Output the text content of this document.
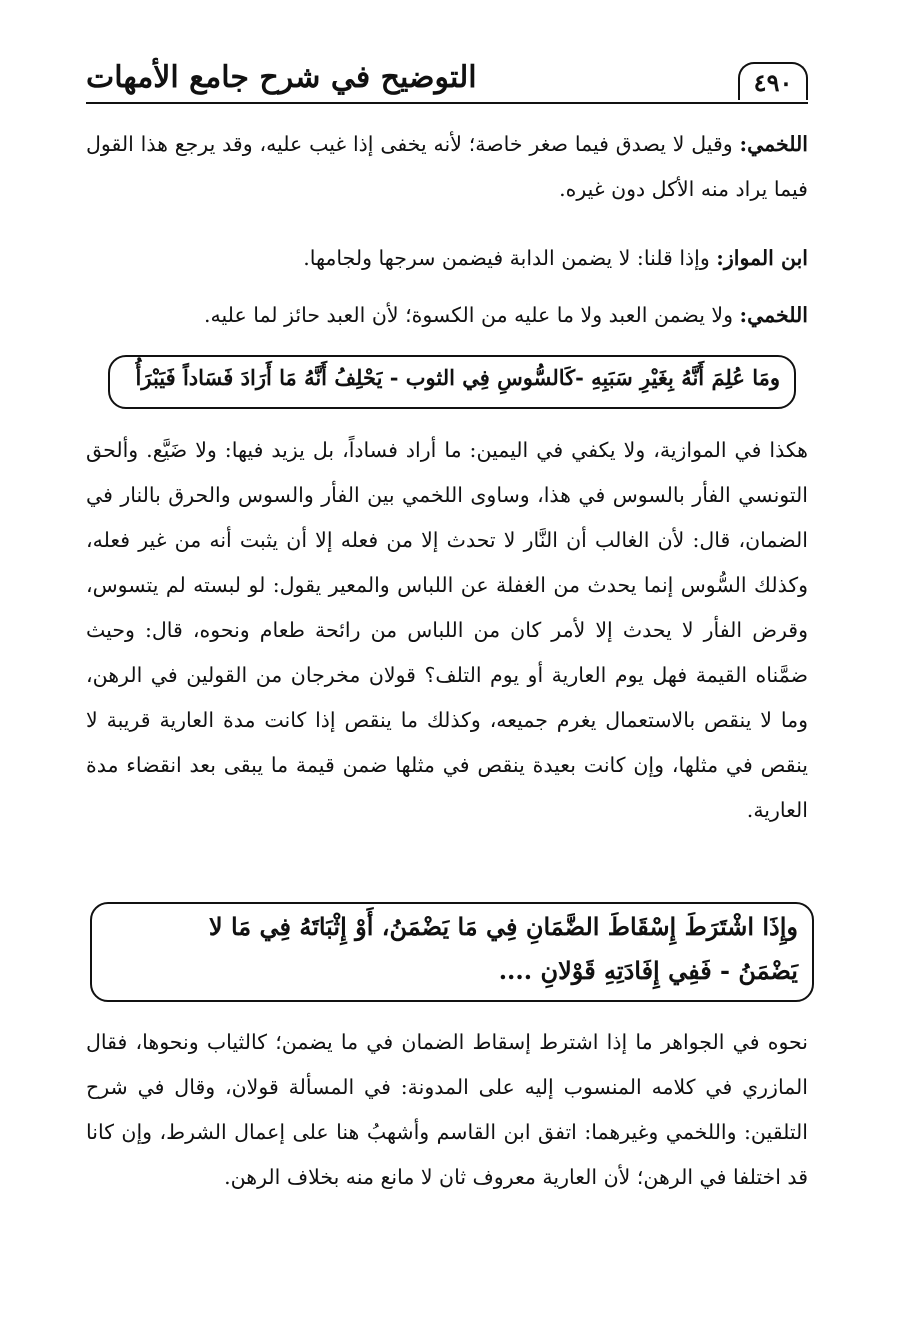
٤٩٠
التوضيح في شرح جامع الأمهات

اللخمي: وقيل لا يصدق فيما صغر خاصة؛ لأنه يخفى إذا غيب عليه، وقد يرجع هذا القول فيما يراد منه الأكل دون غيره.

ابن المواز: وإذا قلنا: لا يضمن الدابة فيضمن سرجها ولجامها.

اللخمي: ولا يضمن العبد ولا ما عليه من الكسوة؛ لأن العبد حائز لما عليه.

ومَا عُلِمَ أَنَّهُ بِغَيْرِ سَبَبِهِ -كَالسُّوسِ فِي الثوب - يَحْلِفُ أَنَّهُ مَا أَرَادَ فَسَاداً فَيَبْرَأُ

هكذا في الموازية، ولا يكفي في اليمين: ما أراد فساداً، بل يزيد فيها: ولا ضَيَّع. وألحق التونسي الفأر بالسوس في هذا، وساوى اللخمي بين الفأر والسوس والحرق بالنار في الضمان، قال: لأن الغالب أن النَّار لا تحدث إلا من فعله إلا أن يثبت أنه من غير فعله، وكذلك السُّوس إنما يحدث من الغفلة عن اللباس والمعير يقول: لو لبسته لم يتسوس، وقرض الفأر لا يحدث إلا لأمر كان من اللباس من رائحة طعام ونحوه، قال: وحيث ضمَّناه القيمة فهل يوم العارية أو يوم التلف؟ قولان مخرجان من القولين في الرهن، وما لا ينقص بالاستعمال يغرم جميعه، وكذلك ما ينقص إذا كانت مدة العارية قريبة لا ينقص في مثلها، وإن كانت بعيدة ينقص في مثلها ضمن قيمة ما يبقى بعد انقضاء مدة العارية.

وإِذَا اشْتَرَطَ إِسْقَاطَ الضَّمَانِ فِي مَا يَضْمَنُ، أَوْ إِثْبَاتَهُ فِي مَا لا
يَضْمَنُ - فَفِي إِفَادَتِهِ قَوْلانِ ....

نحوه في الجواهر ما إذا اشترط إسقاط الضمان في ما يضمن؛ كالثياب ونحوها، فقال المازري في كلامه المنسوب إليه على المدونة: في المسألة قولان، وقال في شرح التلقين: واللخمي وغيرهما: اتفق ابن القاسم وأشهبُ هنا على إعمال الشرط، وإن كانا قد اختلفا في الرهن؛ لأن العارية معروف ثان لا مانع منه بخلاف الرهن.
